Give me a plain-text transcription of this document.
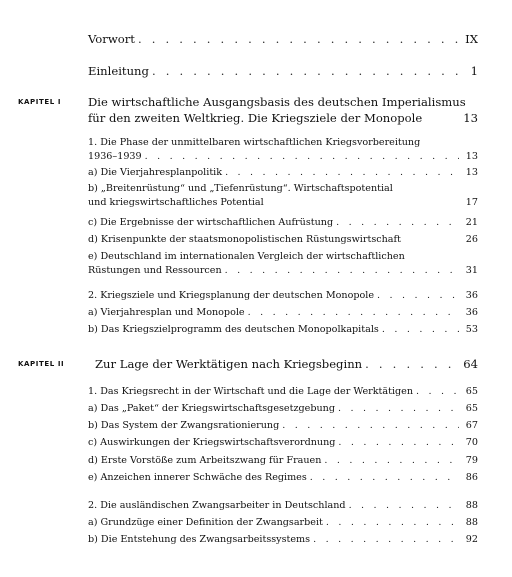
Vorwort . . .	IX
Einleitung . . .	1
KAPITEL I Die wirtschaftliche Ausgangsbasis des deutschen Imperialismus
für den zweiten Weltkrieg. Die Kriegsziele der Monopole	13
1. Die Phase der unmittelbaren wirtschaftlichen Kriegsvorbereitung
1936–1939 . . .	13
a) Die Vierjahresplanpolitik . . .	13
b) „Breitenrüstung“ und „Tiefenrüstung“. Wirtschaftspotential
und kriegswirtschaftliches Potential	17
c) Die Ergebnisse der wirtschaftlichen Aufrüstung . . .	21
d) Krisenpunkte der staatsmonopolistischen Rüstungswirtschaft	26
e) Deutschland im internationalen Vergleich der wirtschaftlichen
Rüstungen und Ressourcen . . .	31
2. Kriegsziele und Kriegsplanung der deutschen Monopole . . .	36
a) Vierjahresplan und Monopole . . .	36
b) Das Kriegszielprogramm des deutschen Monopolkapitals . . .	53
KAPITEL II	Zur Lage der Werktätigen nach Kriegsbeginn . . .	64
1. Das Kriegsrecht in der Wirtschaft und die Lage der Werktätigen . . .	65
a) Das „Paket“ der Kriegswirtschaftsgesetzgebung . . .	65
b) Das System der Zwangsrationierung . . .	67
c) Auswirkungen der Kriegswirtschaftsverordnung . . .	70
d) Erste Vorstöße zum Arbeitszwang für Frauen . . .	79
e) Anzeichen innerer Schwäche des Regimes . . .	86
2. Die ausländischen Zwangsarbeiter in Deutschland . . .	88
a) Grundzüge einer Definition der Zwangsarbeit . . .	88
b) Die Entstehung des Zwangsarbeitssystems . . .	92
